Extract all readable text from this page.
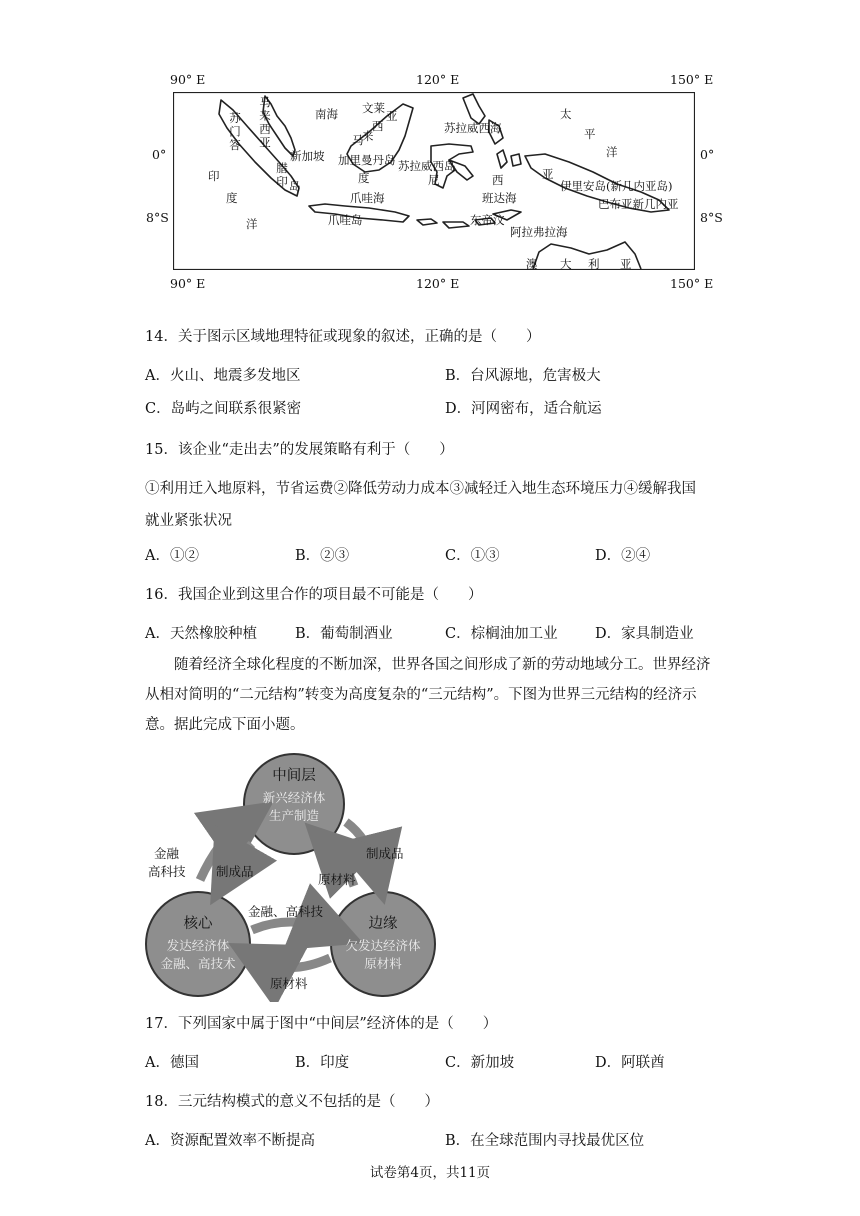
90° E	120° E	150° E
90° E	120° E	150° E
0°
8°S
0°
8°S
马来西亚
苏门答
腊印 岛
新加坡
南海 文莱
马
来
西
亚
加里曼丹岛
度
爪哇海
爪哇岛
苏拉威西海
苏拉威西岛
尼	西
班达海
亚
太
平
洋
伊里安岛(新几内亚岛)
巴布亚新几内亚
东帝汶
阿拉弗拉海
印
度
洋
澳 大 利 亚
14．关于图示区域地理特征或现象的叙述，正确的是（　　）
A．火山、地震多发地区	B．台风源地，危害极大
C．岛屿之间联系很紧密	D．河网密布，适合航运
15．该企业“走出去”的发展策略有利于（　　）
①利用迁入地原料，节省运费②降低劳动力成本③减轻迁入地生态环境压力④缓解我国
就业紧张状况
A．①②	B．②③	C．①③	D．②④
16．我国企业到这里合作的项目最不可能是（　　）
A．天然橡胶种植	B．葡萄制酒业	C．棕榈油加工业	D．家具制造业
随着经济全球化程度的不断加深，世界各国之间形成了新的劳动地域分工。世界经济从相对简明的“二元结构”转变为高度复杂的“三元结构”。下图为世界三元结构的经济示意。据此完成下面小题。
中间层
新兴经济体
生产制造
核心
发达经济体
金融、高技术
边缘
欠发达经济体
原材料
金融
高科技 制成品
制成品
原材料
金融、高科技
原材料
17．下列国家中属于图中“中间层”经济体的是（　　）
A．德国	B．印度	C．新加坡	D．阿联酋
18．三元结构模式的意义不包括的是（　　）
A．资源配置效率不断提高	B．在全球范围内寻找最优区位
试卷第4页，共11页
